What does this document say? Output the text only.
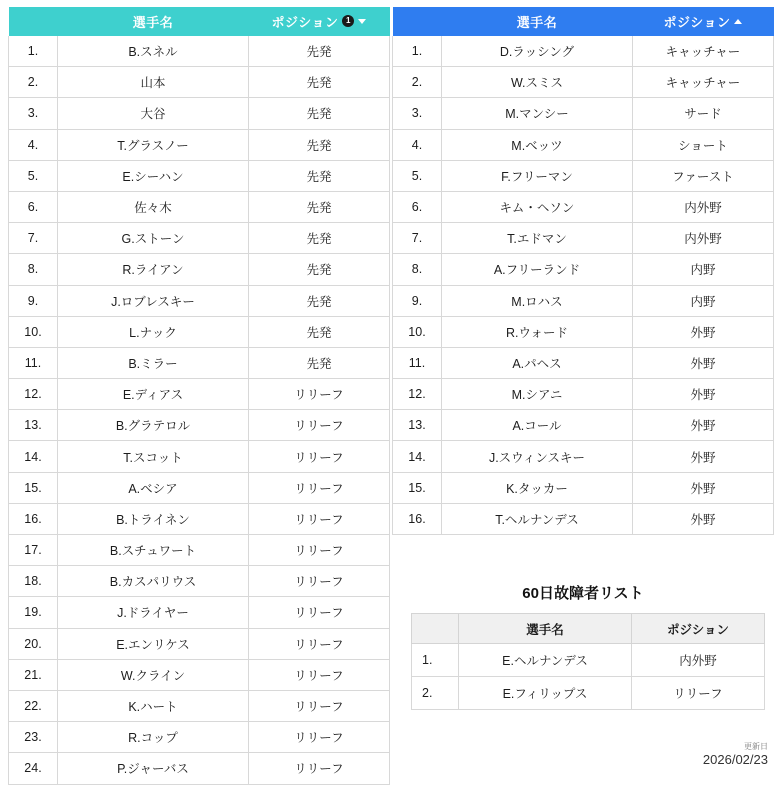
	選手名	ポジション 1

1.	B.スネル	先発
2.	山本	先発
3.	大谷	先発
4.	T.グラスノー	先発
5.	E.シーハン	先発
6.	佐々木	先発
7.	G.ストーン	先発
8.	R.ライアン	先発
9.	J.ロブレスキー	先発
10.	L.ナック	先発
11.	B.ミラー	先発
12.	E.ディアス	リリーフ
13.	B.グラテロル	リリーフ
14.	T.スコット	リリーフ
15.	A.ベシア	リリーフ
16.	B.トライネン	リリーフ
17.	B.スチュワート	リリーフ
18.	B.カスパリウス	リリーフ
19.	J.ドライヤー	リリーフ
20.	E.エンリケス	リリーフ
21.	W.クライン	リリーフ
22.	K.ハート	リリーフ
23.	R.コップ	リリーフ
24.	P.ジャーバス	リリーフ
	選手名	ポジション

1.	D.ラッシング	キャッチャー
2.	W.スミス	キャッチャー
3.	M.マンシー	サード
4.	M.ベッツ	ショート
5.	F.フリーマン	ファースト
6.	キム・ヘソン	内外野
7.	T.エドマン	内外野
8.	A.フリーランド	内野
9.	M.ロハス	内野
10.	R.ウォード	外野
11.	A.パヘス	外野
12.	M.シアニ	外野
13.	A.コール	外野
14.	J.スウィンスキー	外野
15.	K.タッカー	外野
16.	T.ヘルナンデス	外野
60日故障者リスト
	選手名	ポジション
1.	E.ヘルナンデス	内外野
2.	E.フィリップス	リリーフ
更新日
2026/02/23
